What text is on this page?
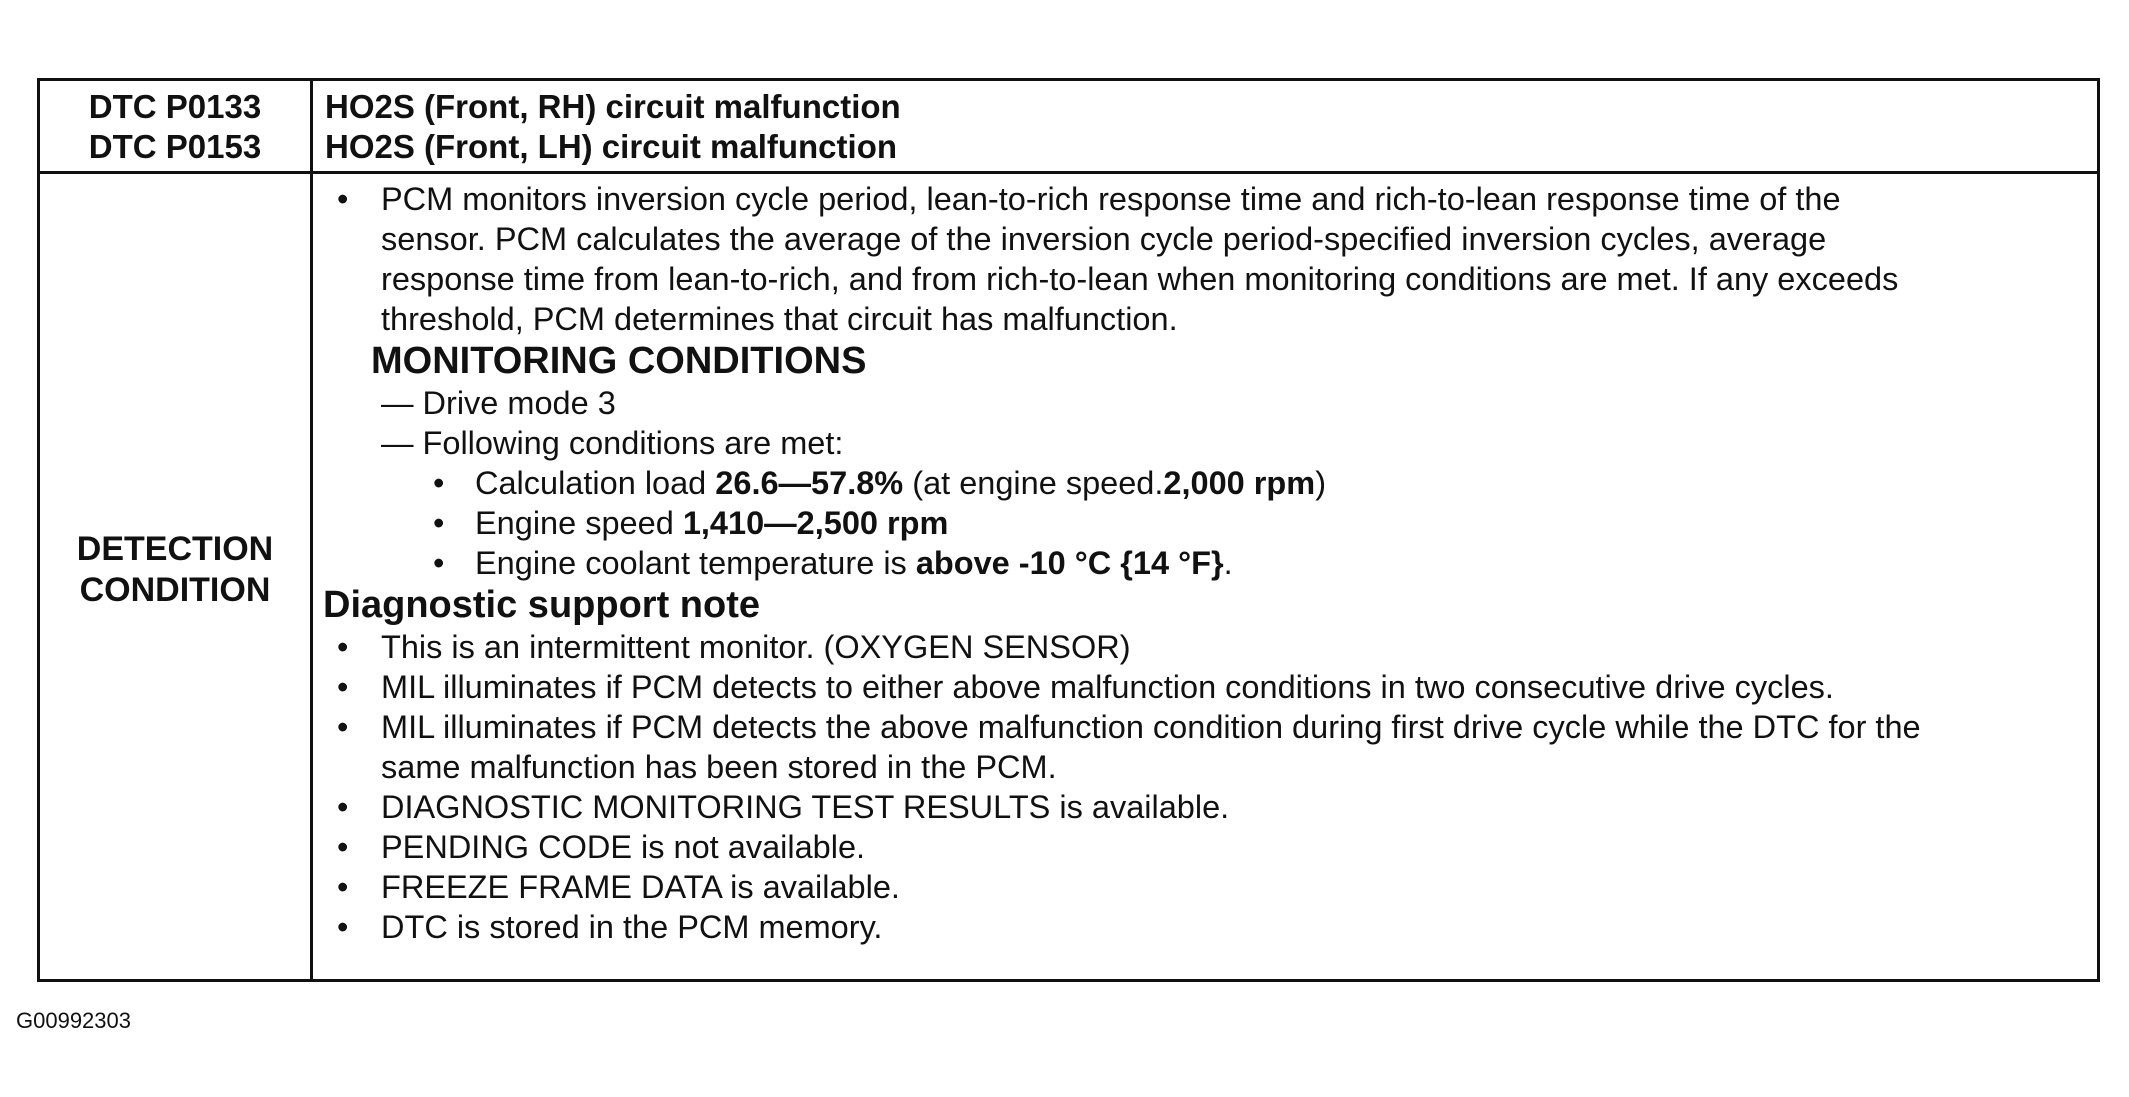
DTC P0133
DTC P0153
HO2S (Front, RH) circuit malfunction
HO2S (Front, LH) circuit malfunction
DETECTION
CONDITION
• PCM monitors inversion cycle period, lean-to-rich response time and rich-to-lean response time of the
sensor. PCM calculates the average of the inversion cycle period-specified inversion cycles, average
response time from lean-to-rich, and from rich-to-lean when monitoring conditions are met. If any exceeds
threshold, PCM determines that circuit has malfunction.
MONITORING CONDITIONS
— Drive mode 3
— Following conditions are met:
• Calculation load 26.6—57.8% (at engine speed.2,000 rpm)
• Engine speed 1,410—2,500 rpm
• Engine coolant temperature is above -10 °C {14 °F}.
Diagnostic support note
• This is an intermittent monitor. (OXYGEN SENSOR)
• MIL illuminates if PCM detects to either above malfunction conditions in two consecutive drive cycles.
• MIL illuminates if PCM detects the above malfunction condition during first drive cycle while the DTC for the
same malfunction has been stored in the PCM.
• DIAGNOSTIC MONITORING TEST RESULTS is available.
• PENDING CODE is not available.
• FREEZE FRAME DATA is available.
• DTC is stored in the PCM memory.
G00992303
